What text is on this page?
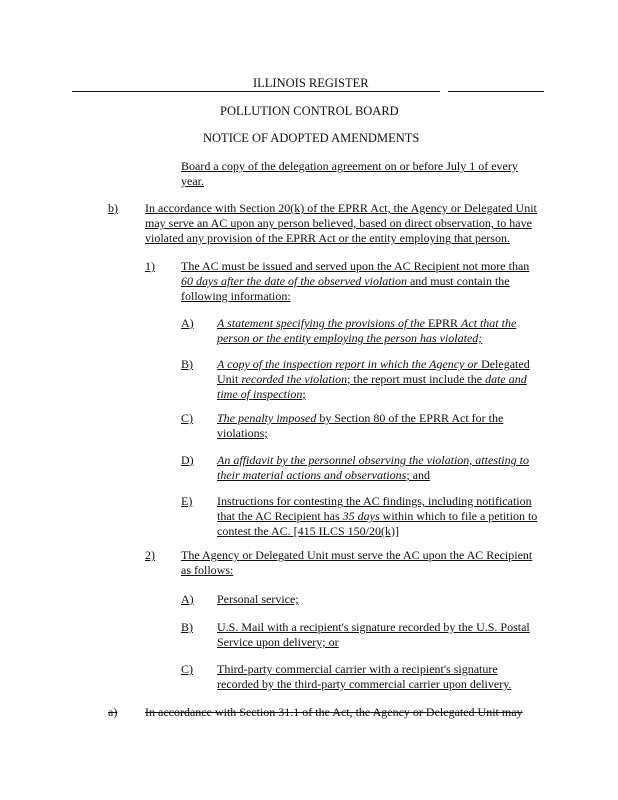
ILLINOIS REGISTER
POLLUTION CONTROL BOARD
NOTICE OF ADOPTED AMENDMENTS
Board a copy of the delegation agreement on or before July 1 of every
year.
b) In accordance with Section 20(k) of the EPRR Act, the Agency or Delegated Unit
may serve an AC upon any person believed, based on direct observation, to have
violated any provision of the EPRR Act or the entity employing that person.
1) The AC must be issued and served upon the AC Recipient not more than
60 days after the date of the observed violation and must contain the
following information:
A) A statement specifying the provisions of the EPRR Act that the
person or the entity employing the person has violated;
B) A copy of the inspection report in which the Agency or Delegated
Unit recorded the violation; the report must include the date and
time of inspection;
C) The penalty imposed by Section 80 of the EPRR Act for the
violations;
D) An affidavit by the personnel observing the violation, attesting to
their material actions and observations; and
E) Instructions for contesting the AC findings, including notification
that the AC Recipient has 35 days within which to file a petition to
contest the AC. [415 ILCS 150/20(k)]
2) The Agency or Delegated Unit must serve the AC upon the AC Recipient
as follows:
A) Personal service;
B) U.S. Mail with a recipient's signature recorded by the U.S. Postal
Service upon delivery; or
C) Third-party commercial carrier with a recipient's signature
recorded by the third-party commercial carrier upon delivery.
a) In accordance with Section 31.1 of the Act, the Agency or Delegated Unit may
